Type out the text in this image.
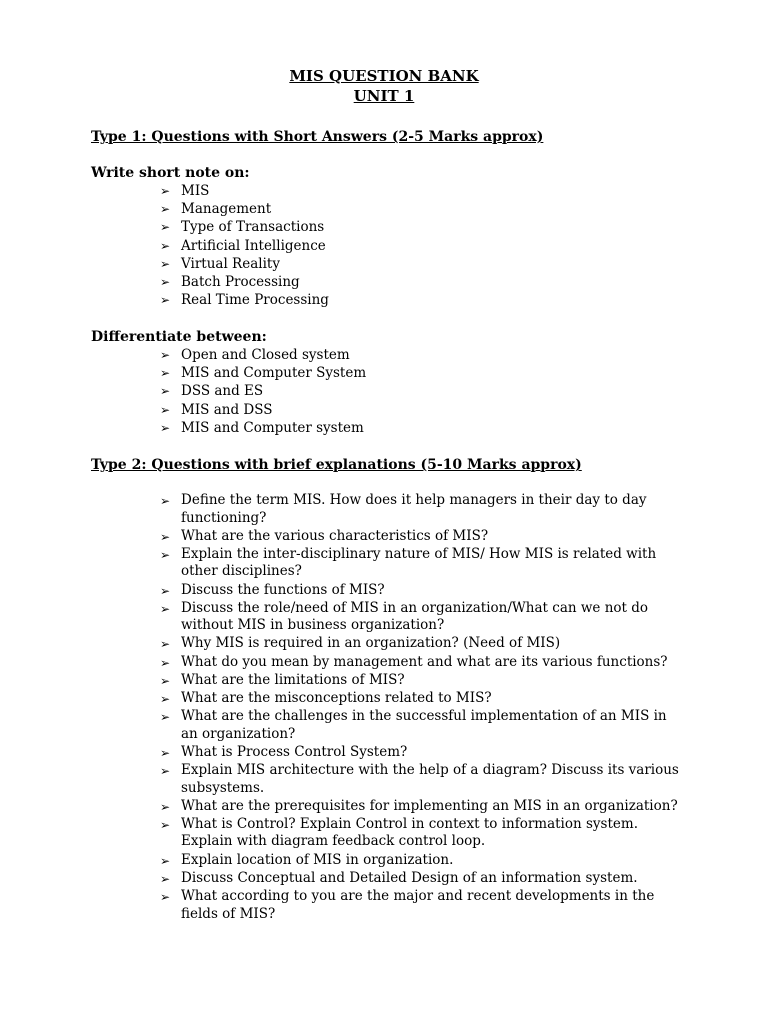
MIS QUESTION BANK
UNIT 1
Type 1: Questions with Short Answers (2-5 Marks approx)
Write short note on:
➢ MIS
➢ Management
➢ Type of Transactions
➢ Artificial Intelligence
➢ Virtual Reality
➢ Batch Processing
➢ Real Time Processing
Differentiate between:
➢ Open and Closed system
➢ MIS and Computer System
➢ DSS and ES
➢ MIS and DSS
➢ MIS and Computer system
Type 2: Questions with brief explanations (5-10 Marks approx)
➢ Define the term MIS. How does it help managers in their day to day functioning?
➢ What are the various characteristics of MIS?
➢ Explain the inter-disciplinary nature of MIS/ How MIS is related with other disciplines?
➢ Discuss the functions of MIS?
➢ Discuss the role/need of MIS in an organization/What can we not do without MIS in business organization?
➢ Why MIS is required in an organization? (Need of MIS)
➢ What do you mean by management and what are its various functions?
➢ What are the limitations of MIS?
➢ What are the misconceptions related to MIS?
➢ What are the challenges in the successful implementation of an MIS in an organization?
➢ What is Process Control System?
➢ Explain MIS architecture with the help of a diagram? Discuss its various subsystems.
➢ What are the prerequisites for implementing an MIS in an organization?
➢ What is Control? Explain Control in context to information system. Explain with diagram feedback control loop.
➢ Explain location of MIS in organization.
➢ Discuss Conceptual and Detailed Design of an information system.
➢ What according to you are the major and recent developments in the fields of MIS?
